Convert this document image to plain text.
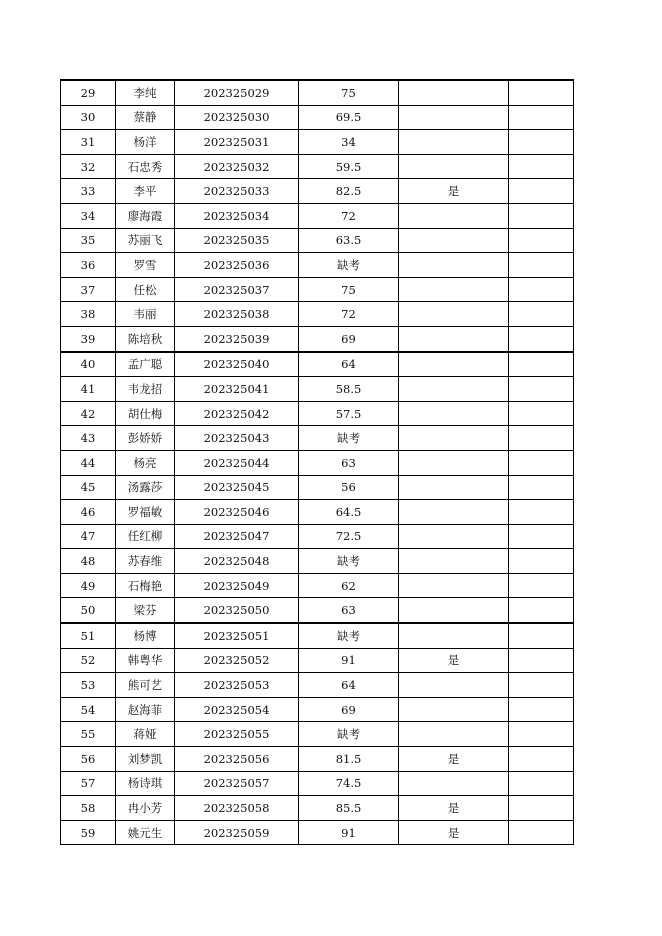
29	李纯	202325029	75		
30	蔡静	202325030	69.5		
31	杨洋	202325031	34		
32	石忠秀	202325032	59.5		
33	李平	202325033	82.5	是	
34	廖海霞	202325034	72		
35	苏丽飞	202325035	63.5		
36	罗雪	202325036	缺考		
37	任松	202325037	75		
38	韦丽	202325038	72		
39	陈培秋	202325039	69		
40	孟广聪	202325040	64		
41	韦龙招	202325041	58.5		
42	胡仕梅	202325042	57.5		
43	彭娇娇	202325043	缺考		
44	杨亮	202325044	63		
45	汤露莎	202325045	56		
46	罗福敏	202325046	64.5		
47	任红柳	202325047	72.5		
48	苏春维	202325048	缺考		
49	石梅艳	202325049	62		
50	梁芬	202325050	63		
51	杨博	202325051	缺考		
52	韩粤华	202325052	91	是	
53	熊可艺	202325053	64		
54	赵海菲	202325054	69		
55	蒋娅	202325055	缺考		
56	刘梦凯	202325056	81.5	是	
57	杨诗琪	202325057	74.5		
58	冉小芳	202325058	85.5	是	
59	姚元生	202325059	91	是	
